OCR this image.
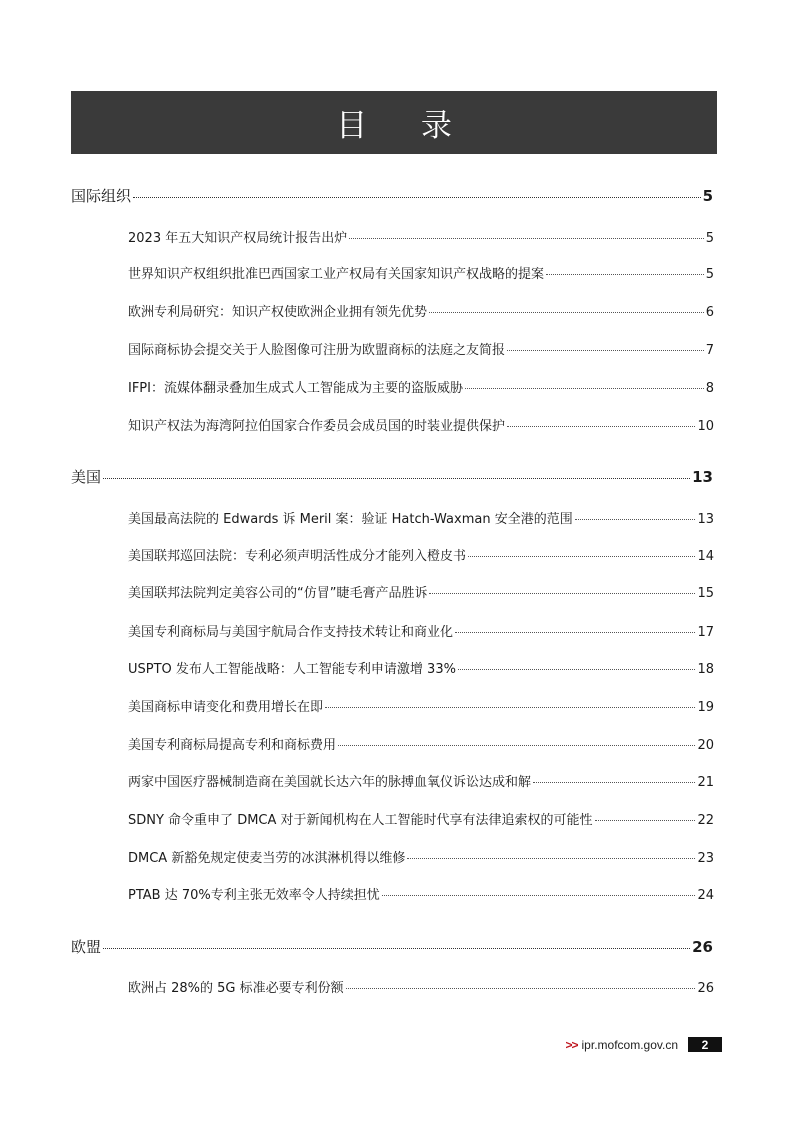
目 录
国际组织	5
2023 年五大知识产权局统计报告出炉	5
世界知识产权组织批准巴西国家工业产权局有关国家知识产权战略的提案	5
欧洲专利局研究：知识产权使欧洲企业拥有领先优势	6
国际商标协会提交关于人脸图像可注册为欧盟商标的法庭之友简报	7
IFPI：流媒体翻录叠加生成式人工智能成为主要的盗版威胁	8
知识产权法为海湾阿拉伯国家合作委员会成员国的时装业提供保护	10
美国	13
美国最高法院的 Edwards 诉 Meril 案：验证 Hatch-Waxman 安全港的范围	13
美国联邦巡回法院：专利必须声明活性成分才能列入橙皮书	14
美国联邦法院判定美容公司的“仿冒”睫毛膏产品胜诉	15
美国专利商标局与美国宇航局合作支持技术转让和商业化	17
USPTO 发布人工智能战略：人工智能专利申请激增 33%	18
美国商标申请变化和费用增长在即	19
美国专利商标局提高专利和商标费用	20
两家中国医疗器械制造商在美国就长达六年的脉搏血氧仪诉讼达成和解	21
SDNY 命令重申了 DMCA 对于新闻机构在人工智能时代享有法律追索权的可能性	22
DMCA 新豁免规定使麦当劳的冰淇淋机得以维修	23
PTAB 达 70%专利主张无效率令人持续担忧	24
欧盟	26
欧洲占 28%的 5G 标准必要专利份额	26
>> ipr.mofcom.gov.cn	2
